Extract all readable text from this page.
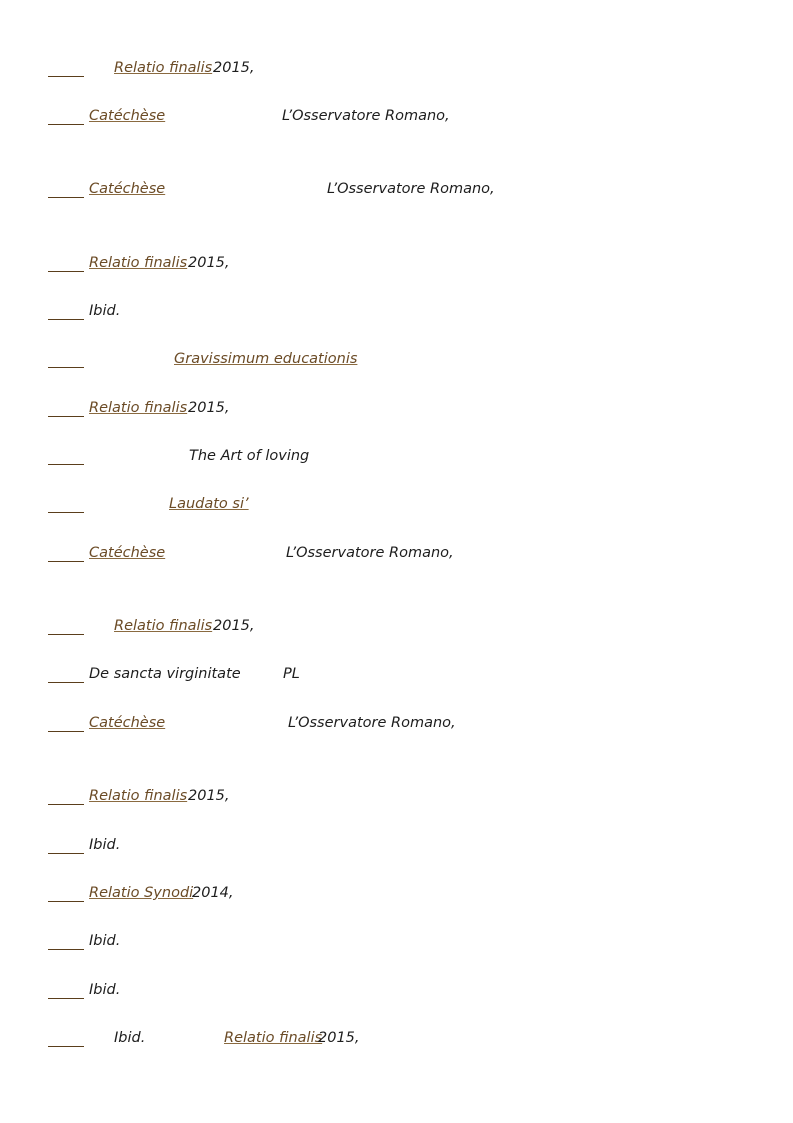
Relatio finalis 2015,
Catéchèse	L’Osservatore Romano,
Catéchèse	L’Osservatore Romano,
Relatio finalis 2015,
Ibid.
Gravissimum educationis
Relatio finalis 2015,
The Art of loving
Laudato si’
Catéchèse	L’Osservatore Romano,
Relatio finalis 2015,
De sancta virginitate	PL
Catéchèse	L’Osservatore Romano,
Relatio finalis 2015,
Ibid.
Relatio Synodi
2014,
Ibid.
Ibid.
Ibid.	Relatio finalis
2015,
